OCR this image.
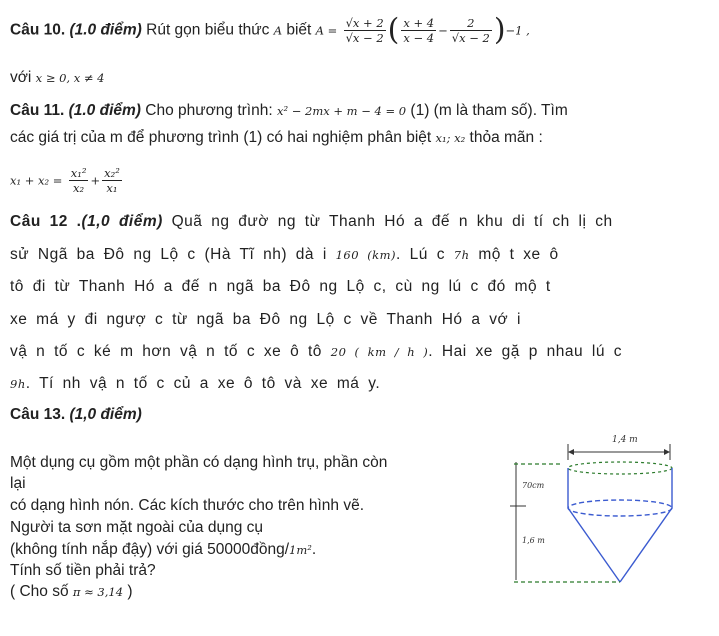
Câu 10. (1.0 điểm) Rút gọn biểu thức A biết $A = \frac{√x + 2}{√x - 2}$ ( $\frac{x + 4}{x - 4} - \frac{2}{√x - 2} )-1$ ,
với x ≥ 0, x ≠ 4
Câu 11. (1.0 điểm) Cho phương trình: x² − 2mx + m − 4 = 0 (1) (m là tham số). Tìm
các giá trị của m để phương trình (1) có hai nghiệm phân biệt x₁; x₂ thỏa mãn :
$x_1 + x_2 = \frac{\text{x₁²}}{\text{x₂}} + \frac{\text{x₂²}}{\text{x₁}}$
Câu 12 .(1,0 điểm) Quã ng đườ ng từ Thanh Hó a đế n khu di tí ch lị ch
sử Ngã ba Đô ng Lộ c (Hà Tĩ nh) dà i 160 (km). Lú c 7h mộ t xe ô
tô đi từ Thanh Hó a đế n ngã ba Đô ng Lộ c, cù ng lú c đó mộ t
xe má y đi ngượ c từ ngã ba Đô ng Lộ c về Thanh Hó a vớ i
vậ n tố c ké m hơn vậ n tố c xe ô tô 20 ( km / h ). Hai xe gặ p nhau lú c
9h. Tí nh vậ n tố c củ a xe ô tô và xe má y.
Câu 13. (1,0 điểm)
Một dụng cụ gồm một phần có dạng hình trụ, phần còn
lại
có dạng hình nón. Các kích thước cho trên hình vẽ.
Người ta sơn mặt ngoài của dụng cụ
(không tính nắp đậy) với giá 50000đồng/1m².
Tính số tiền phải trả?
( Cho số π ≈ 3,14 )
1,4 m
70cm
1,6 m
